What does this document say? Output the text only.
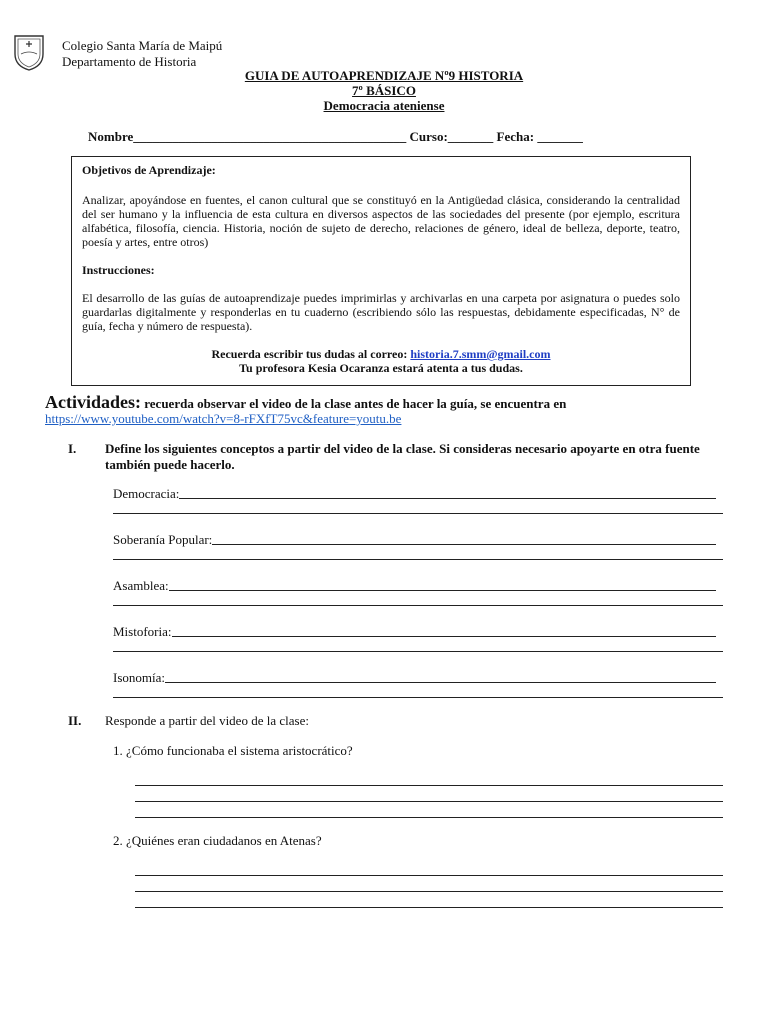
Colegio Santa María de Maipú
Departamento de Historia
GUIA DE AUTOAPRENDIZAJE Nº9 HISTORIA
7º BÁSICO
Democracia ateniense
Nombre__________________________________________ Curso:_______ Fecha: _______
Objetivos de Aprendizaje:

Analizar, apoyándose en fuentes, el canon cultural que se constituyó en la Antigüedad clásica, considerando la centralidad del ser humano y la influencia de esta cultura en diversos aspectos de las sociedades del presente (por ejemplo, escritura alfabética, filosofía, ciencia. Historia, noción de sujeto de derecho, relaciones de género, ideal de belleza, deporte, teatro, poesía y artes, entre otros)

Instrucciones:

El desarrollo de las guías de autoaprendizaje puedes imprimirlas y archivarlas en una carpeta por asignatura o puedes solo guardarlas digitalmente y responderlas en tu cuaderno (escribiendo sólo las respuestas, debidamente especificadas, N° de guía, fecha y número de respuesta).

Recuerda escribir tus dudas al correo: historia.7.smm@gmail.com
Tu profesora Kesia Ocaranza estará atenta a tus dudas.
Actividades: recuerda observar el video de la clase antes de hacer la guía, se encuentra en
https://www.youtube.com/watch?v=8-rFXfT75vc&feature=youtu.be
I. Define los siguientes conceptos a partir del video de la clase. Si consideras necesario apoyarte en otra fuente también puede hacerlo.
Democracia:
Soberanía Popular:
Asamblea:
Mistoforia:
Isonomía:
II. Responde a partir del video de la clase:
1. ¿Cómo funcionaba el sistema aristocrático?
2. ¿Quiénes eran ciudadanos en Atenas?
